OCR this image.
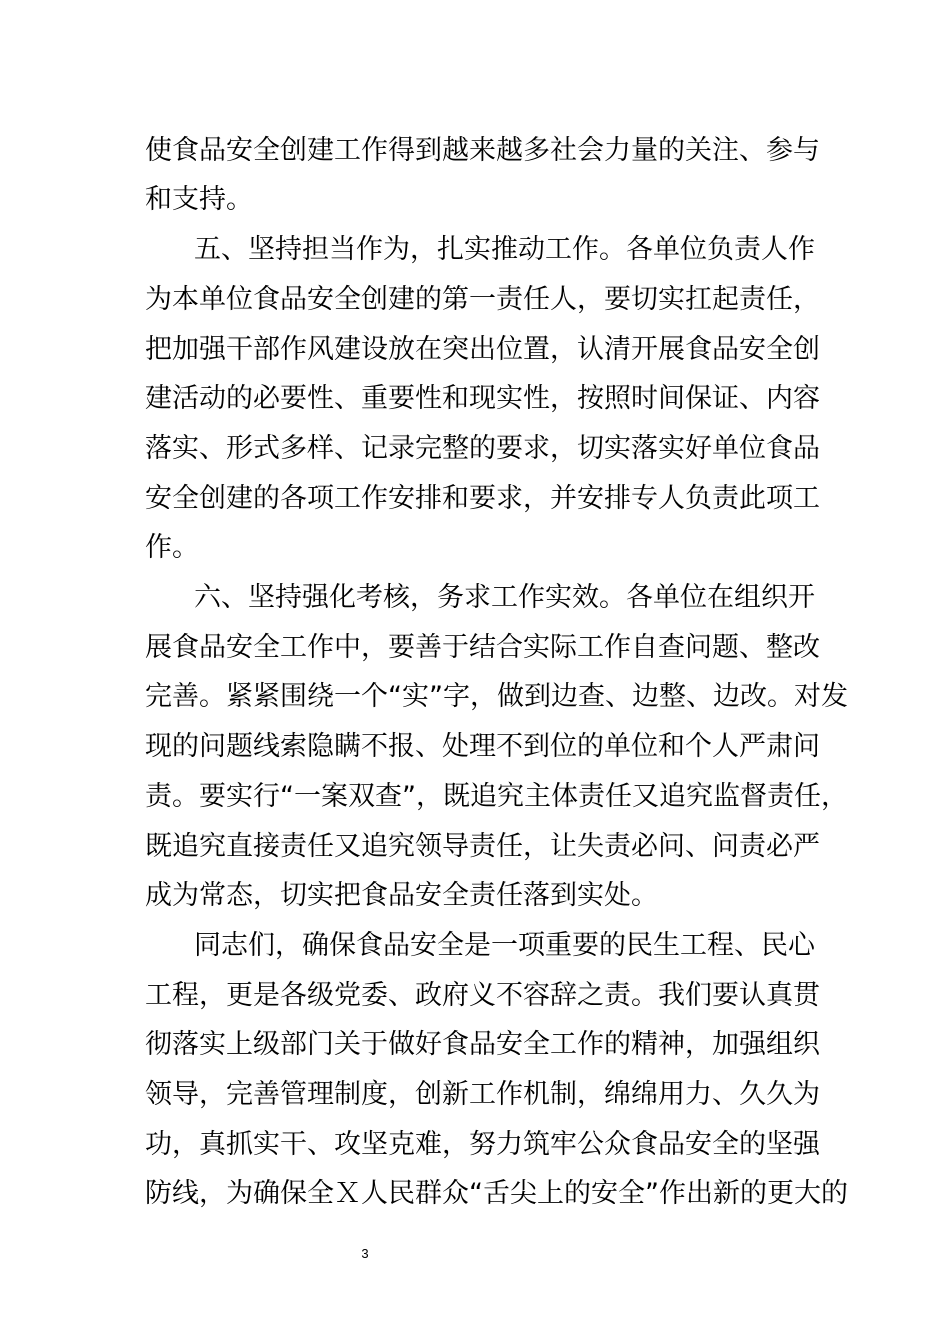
使食品安全创建工作得到越来越多社会力量的关注、参与
和支持。
五、坚持担当作为，扎实推动工作。各单位负责人作
为本单位食品安全创建的第一责任人，要切实扛起责任，
把加强干部作风建设放在突出位置，认清开展食品安全创
建活动的必要性、重要性和现实性，按照时间保证、内容
落实、形式多样、记录完整的要求，切实落实好单位食品
安全创建的各项工作安排和要求，并安排专人负责此项工
作。
六、坚持强化考核，务求工作实效。各单位在组织开
展食品安全工作中，要善于结合实际工作自查问题、整改
完善。紧紧围绕一个“实”字，做到边查、边整、边改。对发
现的问题线索隐瞒不报、处理不到位的单位和个人严肃问
责。要实行“一案双查”，既追究主体责任又追究监督责任，
既追究直接责任又追究领导责任，让失责必问、问责必严
成为常态，切实把食品安全责任落到实处。
同志们，确保食品安全是一项重要的民生工程、民心
工程，更是各级党委、政府义不容辞之责。我们要认真贯
彻落实上级部门关于做好食品安全工作的精神，加强组织
领导，完善管理制度，创新工作机制，绵绵用力、久久为
功，真抓实干、攻坚克难，努力筑牢公众食品安全的坚强
防线，为确保全Ｘ人民群众“舌尖上的安全”作出新的更大的
3
